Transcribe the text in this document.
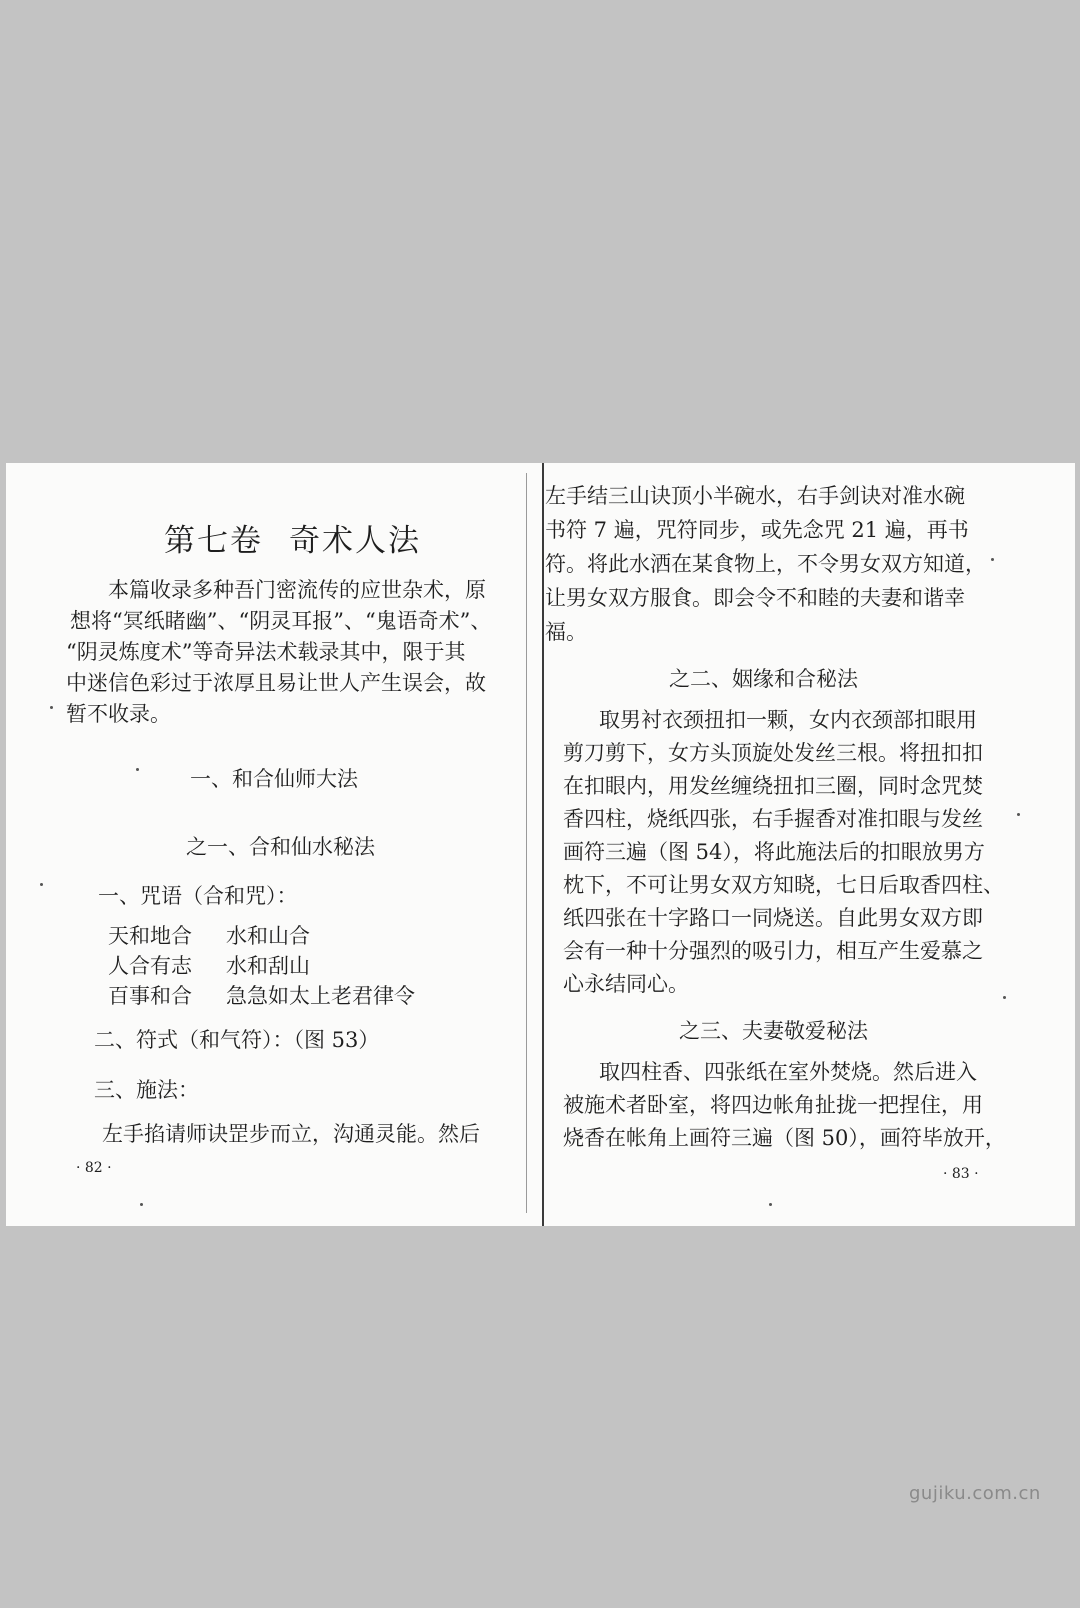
第七卷 奇术人法
本篇收录多种吾门密流传的应世杂术，原
想将“冥纸睹幽”、“阴灵耳报”、“鬼语奇术”、
“阴灵炼度术”等奇异法术载录其中，限于其
中迷信色彩过于浓厚且易让世人产生误会，故
暂不收录。
一、和合仙师大法
之一、合和仙水秘法
一、咒语（合和咒）：
天和地合 水和山合
人合有志 水和刮山
百事和合 急急如太上老君律令
二、符式（和气符）：（图 53）
三、施法：
左手掐请师诀罡步而立，沟通灵能。然后
· 82 ·
左手结三山诀顶小半碗水，右手剑诀对准水碗
书符 7 遍，咒符同步，或先念咒 21 遍，再书
符。将此水洒在某食物上，不令男女双方知道，
让男女双方服食。即会令不和睦的夫妻和谐幸
福。
之二、姻缘和合秘法
取男衬衣颈扭扣一颗，女内衣颈部扣眼用
剪刀剪下，女方头顶旋处发丝三根。将扭扣扣
在扣眼内，用发丝缠绕扭扣三圈，同时念咒焚
香四柱，烧纸四张，右手握香对准扣眼与发丝
画符三遍（图 54），将此施法后的扣眼放男方
枕下，不可让男女双方知晓，七日后取香四柱、
纸四张在十字路口一同烧送。自此男女双方即
会有一种十分强烈的吸引力，相互产生爱慕之
心永结同心。
之三、夫妻敬爱秘法
取四柱香、四张纸在室外焚烧。然后进入
被施术者卧室，将四边帐角扯拢一把捏住，用
烧香在帐角上画符三遍（图 50），画符毕放开，
· 83 ·
gujiku.com.cn
